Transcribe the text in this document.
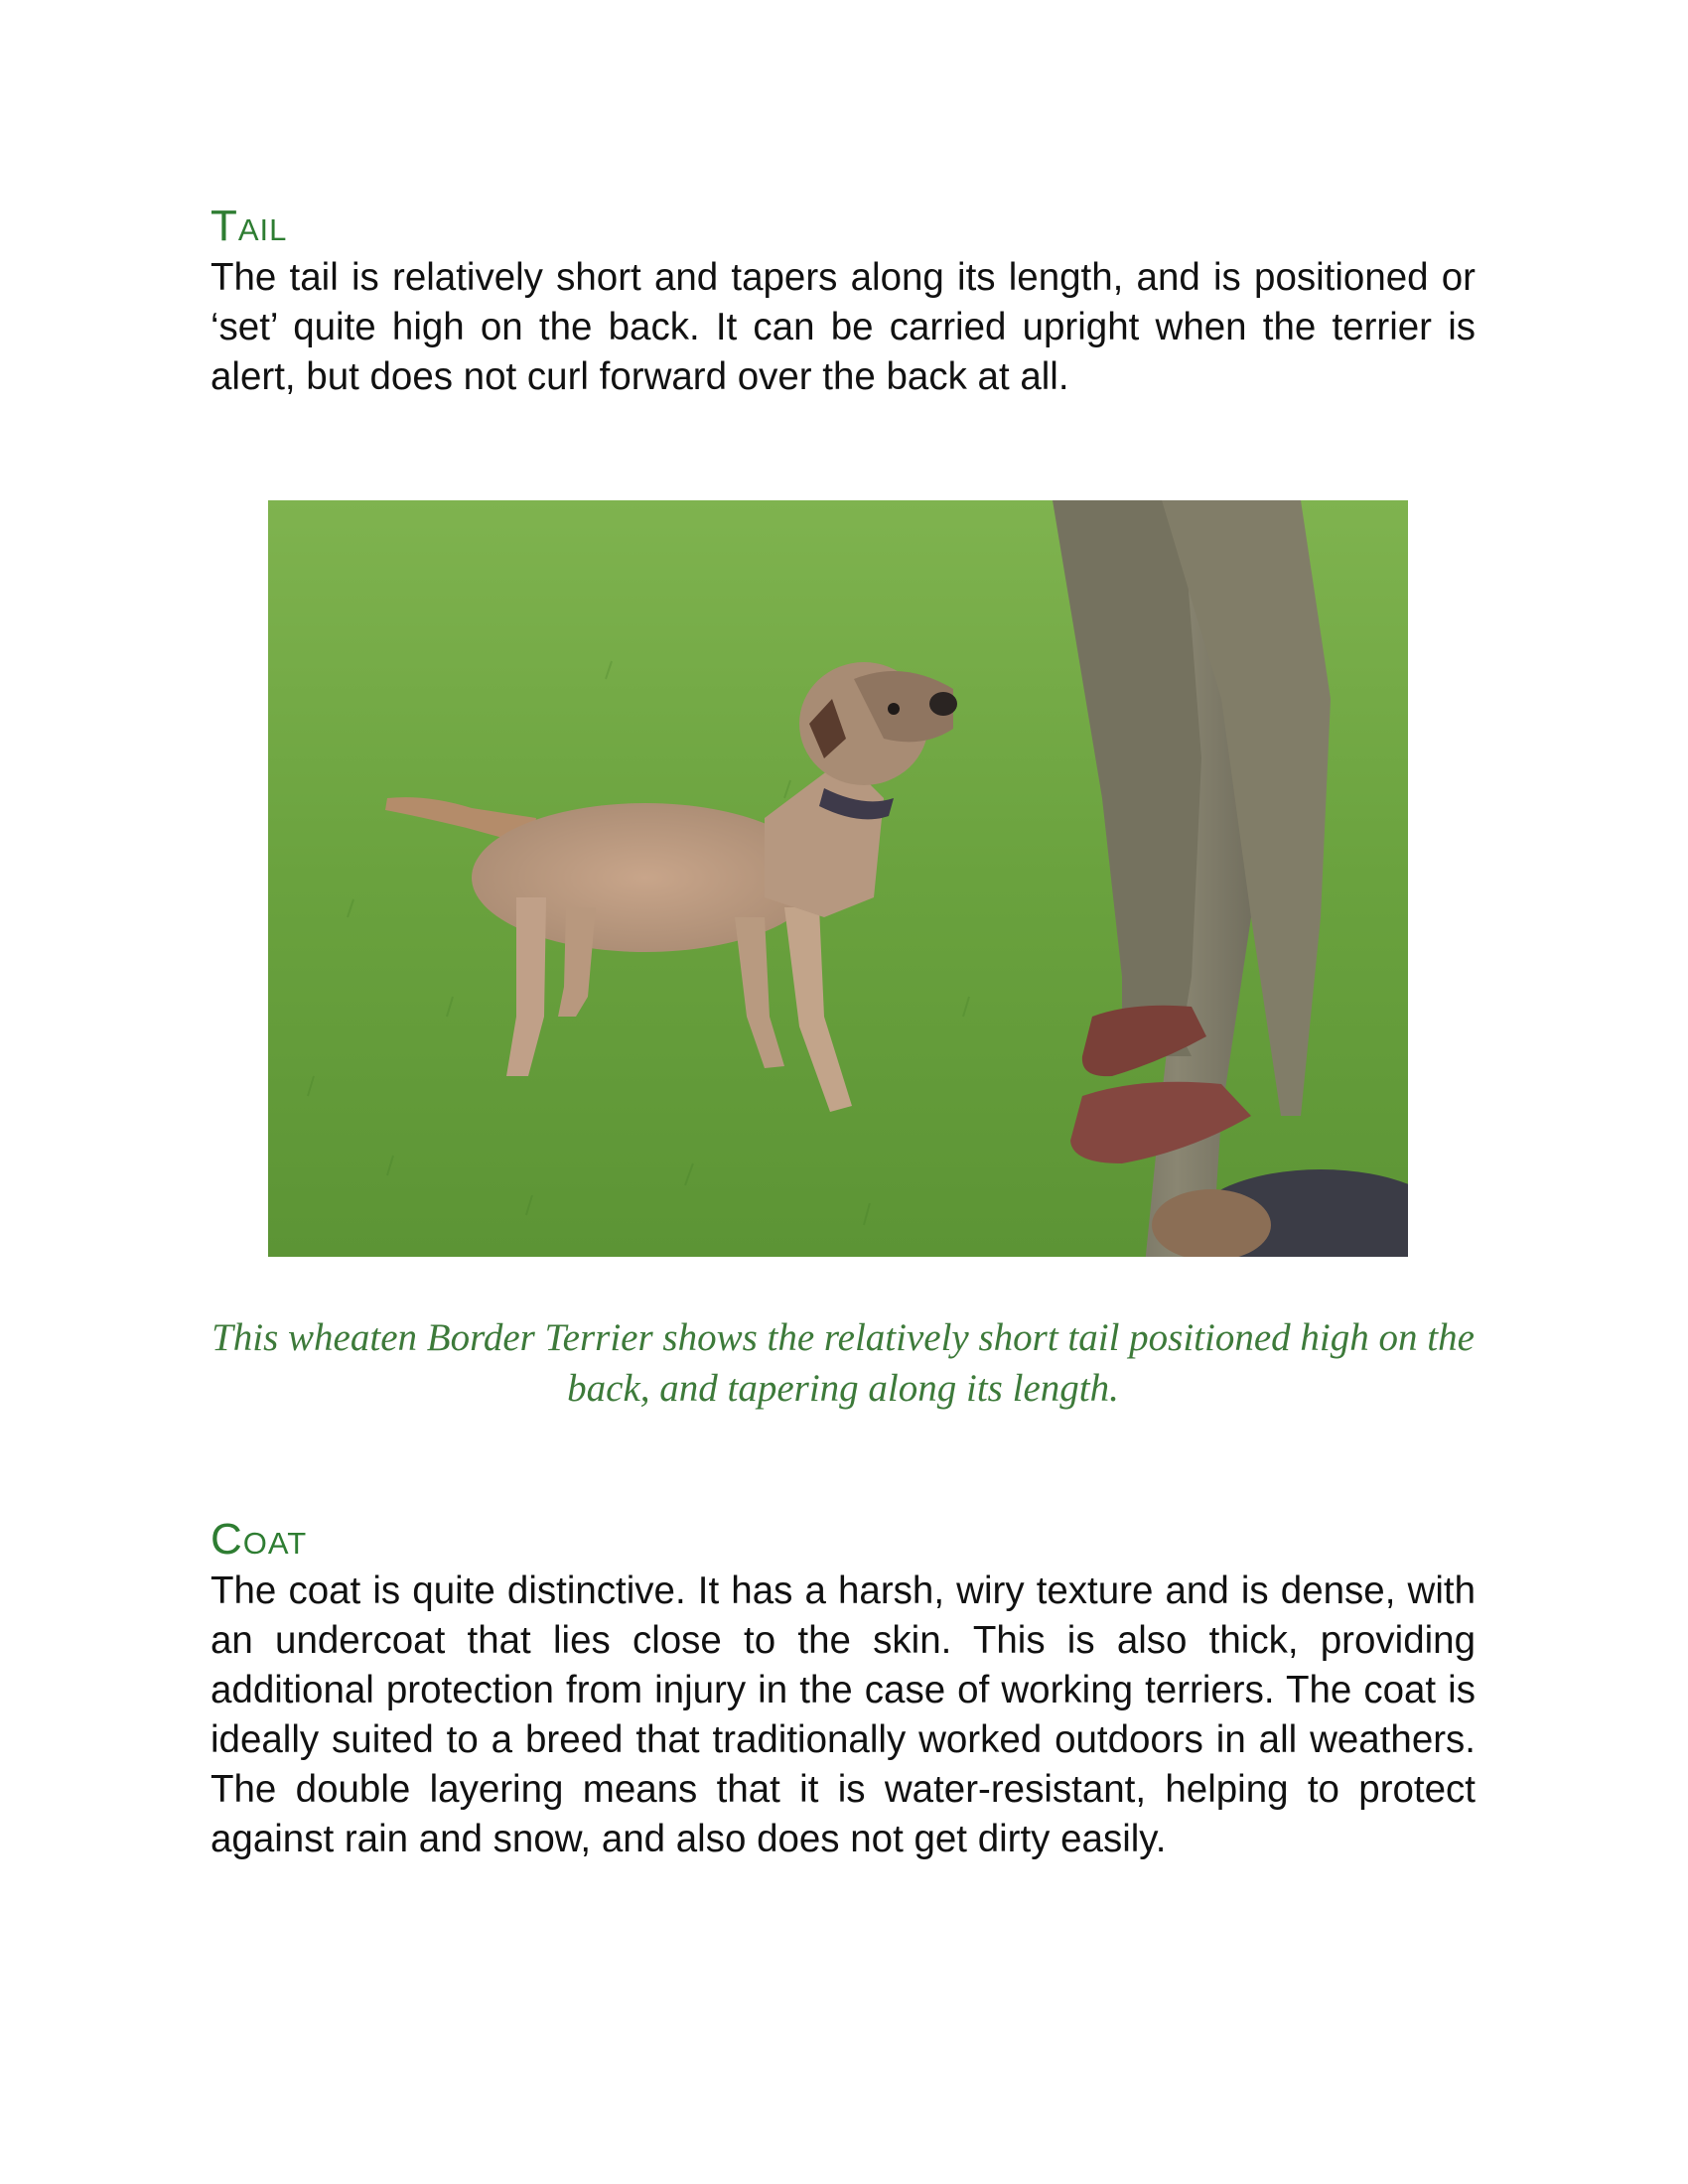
Tail

The tail is relatively short and tapers along its length, and is positioned or ‘set’ quite high on the back. It can be carried upright when the terrier is alert, but does not curl forward over the back at all.

This wheaten Border Terrier shows the relatively short tail positioned high on the back, and tapering along its length.

Coat

The coat is quite distinctive. It has a harsh, wiry texture and is dense, with an undercoat that lies close to the skin. This is also thick, providing additional protection from injury in the case of working terriers. The coat is ideally suited to a breed that traditionally worked outdoors in all weathers. The double layering means that it is water-resistant, helping to protect against rain and snow, and also does not get dirty easily.
